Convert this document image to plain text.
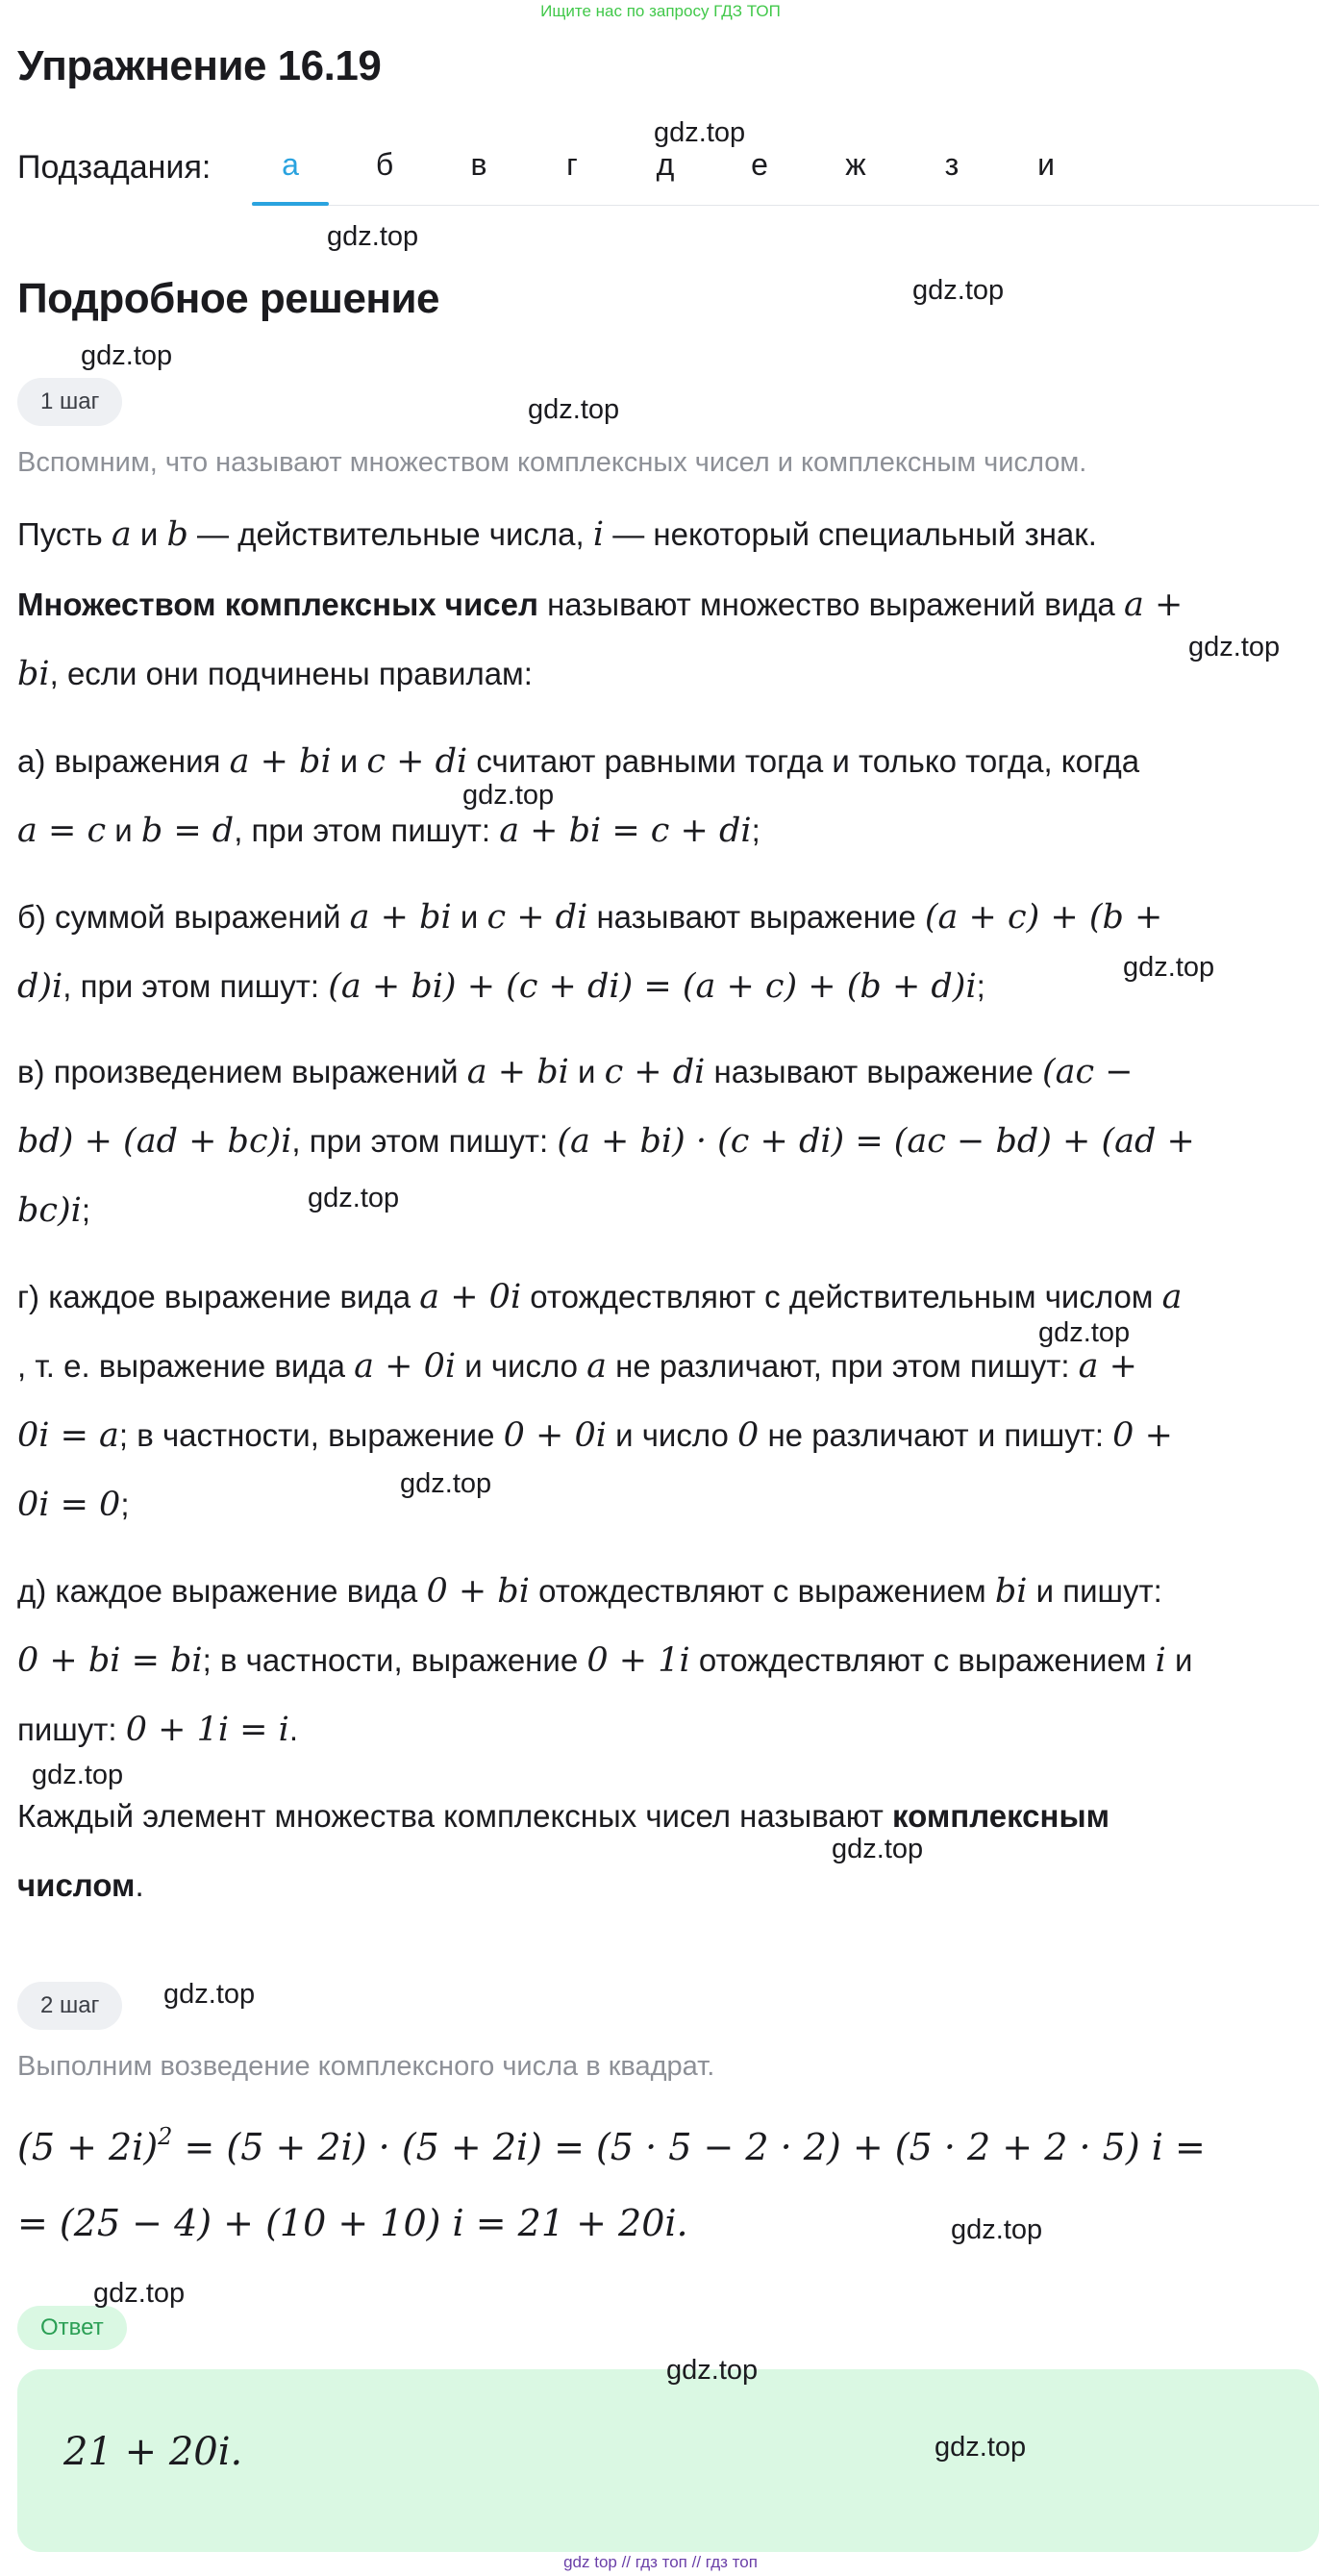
Ищите нас по запросу ГДЗ ТОП
Упражнение 16.19
Подзадания:	а	б	в	г	д	е	ж	з	и
Подробное решение
1 шаг
Вспомним, что называют множеством комплексных чисел и комплексным числом.
Пусть a и b — действительные числа, i — некоторый специальный знак.
Множеством комплексных чисел называют множество выражений вида a +
bi, если они подчинены правилам:
а) выражения a + bi и c + di считают равными тогда и только тогда, когда
a = c и b = d, при этом пишут: a + bi = c + di;
б) суммой выражений a + bi и c + di называют выражение (a + c) + (b +
d)i, при этом пишут: (a + bi) + (c + di) = (a + c) + (b + d)i;
в) произведением выражений a + bi и c + di называют выражение (ac −
bd) + (ad + bc)i, при этом пишут: (a + bi) · (c + di) = (ac − bd) + (ad +
bc)i;
г) каждое выражение вида a + 0i отождествляют с действительным числом a
, т. е. выражение вида a + 0i и число a не различают, при этом пишут: a +
0i = a; в частности, выражение 0 + 0i и число 0 не различают и пишут: 0 +
0i = 0;
д) каждое выражение вида 0 + bi отождествляют с выражением bi и пишут:
0 + bi = bi; в частности, выражение 0 + 1i отождествляют с выражением i и
пишут: 0 + 1i = i.
Каждый элемент множества комплексных чисел называют комплексным
числом.
2 шаг
Выполним возведение комплексного числа в квадрат.
$(5 + 2i)^2 = (5 + 2i) \cdot (5 + 2i) = (5 \cdot 5 - 2 \cdot 2) + (5 \cdot 2 + 2 \cdot 5)$ i =
= (25 − 4) + (10 + 10) i = 21 + 20i.
Ответ
21 + 20i.
gdz.top
gdz.top
gdz.top
gdz.top
gdz.top
gdz.top
gdz.top
gdz.top
gdz.top
gdz.top
gdz.top
gdz.top
gdz.top
gdz.top
gdz.top
gdz.top
gdz.top
gdz.top
gdz top // гдз топ // гдз топ
